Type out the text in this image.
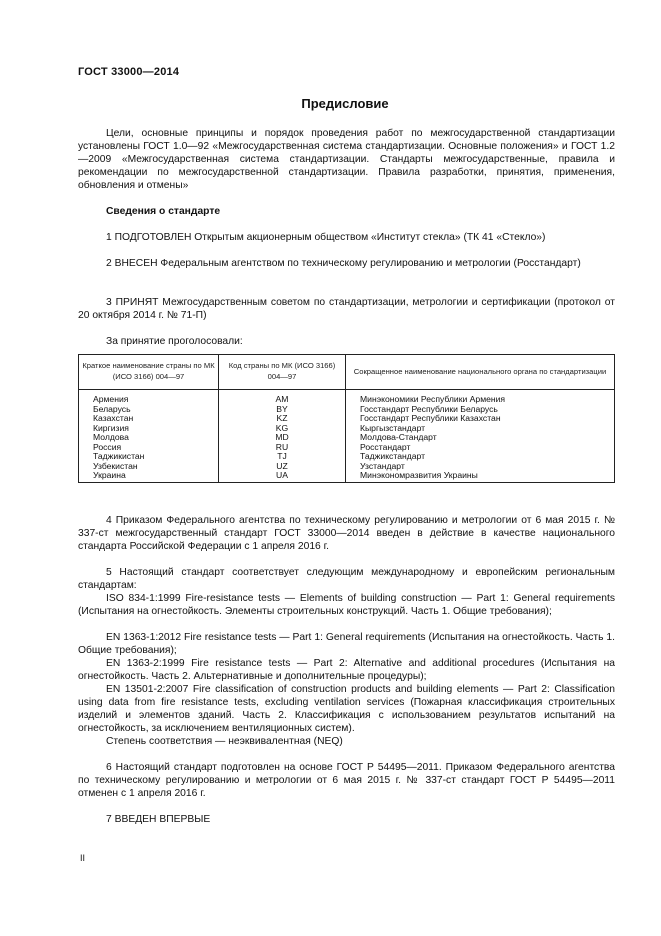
ГОСТ 33000—2014
Предисловие

Цели, основные принципы и порядок проведения работ по межгосударственной стандартизации установлены ГОСТ 1.0—92 «Межгосударственная система стандартизации. Основные положения» и ГОСТ 1.2—2009 «Межгосударственная система стандартизации. Стандарты межгосударственные, правила и рекомендации по межгосударственной стандартизации. Правила разработки, принятия, применения, обновления и отмены»

Сведения о стандарте

1 ПОДГОТОВЛЕН Открытым акционерным обществом «Институт стекла» (ТК 41 «Стекло»)

2 ВНЕСЕН Федеральным агентством по техническому регулированию и метрологии (Росстандарт)

3 ПРИНЯТ Межгосударственным советом по стандартизации, метрологии и сертификации (протокол от 20 октября 2014 г. № 71-П)

За принятие проголосовали:
Краткое наименование страны по МК (ИСО 3166) 004—97	Код страны по МК (ИСО 3166) 004—97	Сокращенное наименование национального органа по стандартизации
Армения	AM	Минэкономики Республики Армения
Беларусь	BY	Госстандарт Республики Беларусь
Казахстан	KZ	Госстандарт Республики Казахстан
Киргизия	KG	Кыргызстандарт
Молдова	MD	Молдова-Стандарт
Россия	RU	Росстандарт
Таджикистан	TJ	Таджикстандарт
Узбекистан	UZ	Узстандарт
Украина	UA	Минэкономразвития Украины

4 Приказом Федерального агентства по техническому регулированию и метрологии от 6 мая 2015 г. № 337-ст межгосударственный стандарт ГОСТ 33000—2014 введен в действие в качестве национального стандарта Российской Федерации с 1 апреля 2016 г.

5 Настоящий стандарт соответствует следующим международному и европейским региональным стандартам:

ISO 834-1:1999 Fire-resistance tests — Elements of building construction — Part 1: General requirements (Испытания на огнестойкость. Элементы строительных конструкций. Часть 1. Общие требования);

EN 1363-1:2012 Fire resistance tests — Part 1: General requirements (Испытания на огнестойкость. Часть 1. Общие требования);

EN 1363-2:1999 Fire resistance tests — Part 2: Alternative and additional procedures (Испытания на огнестойкость. Часть 2. Альтернативные и дополнительные процедуры);

EN 13501-2:2007 Fire classification of construction products and building elements — Part 2: Classification using data from fire resistance tests, excluding ventilation services (Пожарная классификация строительных изделий и элементов зданий. Часть 2. Классификация с использованием результатов испытаний на огнестойкость, за исключением вентиляционных систем).

Степень соответствия — неэквивалентная (NEQ)

6 Настоящий стандарт подготовлен на основе ГОСТ Р 54495—2011. Приказом Федерального агентства по техническому регулированию и метрологии от 6 мая 2015 г. № 337-ст стандарт ГОСТ Р 54495—2011 отменен с 1 апреля 2016 г.

7 ВВЕДЕН ВПЕРВЫЕ

II
